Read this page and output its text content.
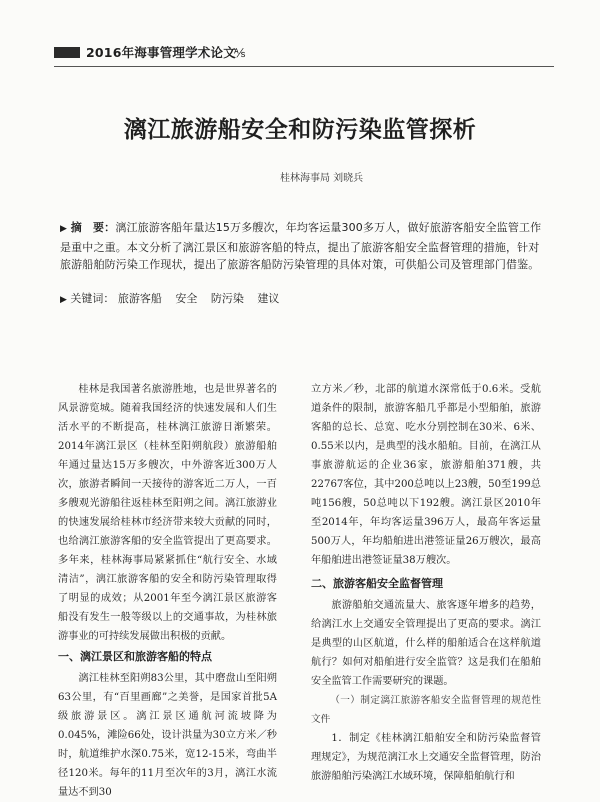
2016年海事管理学术论文
⅍
漓江旅游船安全和防污染监管探析
桂林海事局 刘晓兵
▶ 摘　要：漓江旅游客船年量达15万多艘次，年均客运量300多万人，做好旅游客船安全监管工作是重中之重。本文分析了漓江景区和旅游客船的特点，提出了旅游客船安全监督管理的措施，针对旅游船舶防污染工作现状，提出了旅游客船防污染管理的具体对策，可供船公司及管理部门借鉴。
▶ 关键词： 旅游客船 安全 防污染 建议

桂林是我国著名旅游胜地，也是世界著名的风景游览城。随着我国经济的快速发展和人们生活水平的不断提高，桂林漓江旅游日渐繁荣。2014年漓江景区（桂林至阳朔航段）旅游船舶年通过量达15万多艘次，中外游客近300万人次，旅游者瞬间一天接待的游客近二万人，一百多艘观光游船往返桂林至阳朔之间。漓江旅游业的快速发展给桂林市经济带来较大贡献的同时，也给漓江旅游客船的安全监管提出了更高要求。多年来，桂林海事局紧紧抓住“航行安全、水域清洁”，漓江旅游客船的安全和防污染管理取得了明显的成效；从2001年至今漓江景区旅游客船没有发生一般等级以上的交通事故，为桂林旅游事业的可持续发展做出积极的贡献。

一、漓江景区和旅游客船的特点

漓江桂林至阳朔83公里，其中磨盘山至阳朔63公里，有“百里画廊”之美誉，是国家首批5A级旅游景区。漓江景区通航河流坡降为0.045%，滩险66处，设计洪量为30立方米／秒时，航道维护水深0.75米，宽12-15米，弯曲半径120米。每年的11月至次年的3月，漓江水流量达不到30

立方米／秒，北部的航道水深常低于0.6米。受航道条件的限制，旅游客船几乎都是小型船舶，旅游客船的总长、总宽、吃水分别控制在30米、6米、0.55米以内，是典型的浅水船舶。目前，在漓江从事旅游航运的企业36家，旅游船舶371艘，共22767客位，其中200总吨以上23艘，50至199总吨156艘，50总吨以下192艘。漓江景区2010年至2014年，年均客运量396万人，最高年客运量500万人，年均船舶进出港签证量26万艘次，最高年船舶进出港签证量38万艘次。

二、旅游客船安全监督管理

旅游船舶交通流量大、旅客逐年增多的趋势，给漓江水上交通安全管理提出了更高的要求。漓江是典型的山区航道，什么样的船舶适合在这样航道航行？如何对船舶进行安全监管？这是我们在船舶安全监管工作需要研究的课题。

（一）制定漓江旅游客船安全监督管理的规范性文件

1．制定《桂林漓江船舶安全和防污染监督管理规定》，为规范漓江水上交通安全监督管理，防治旅游船舶污染漓江水域环境，保障船舶航行和
